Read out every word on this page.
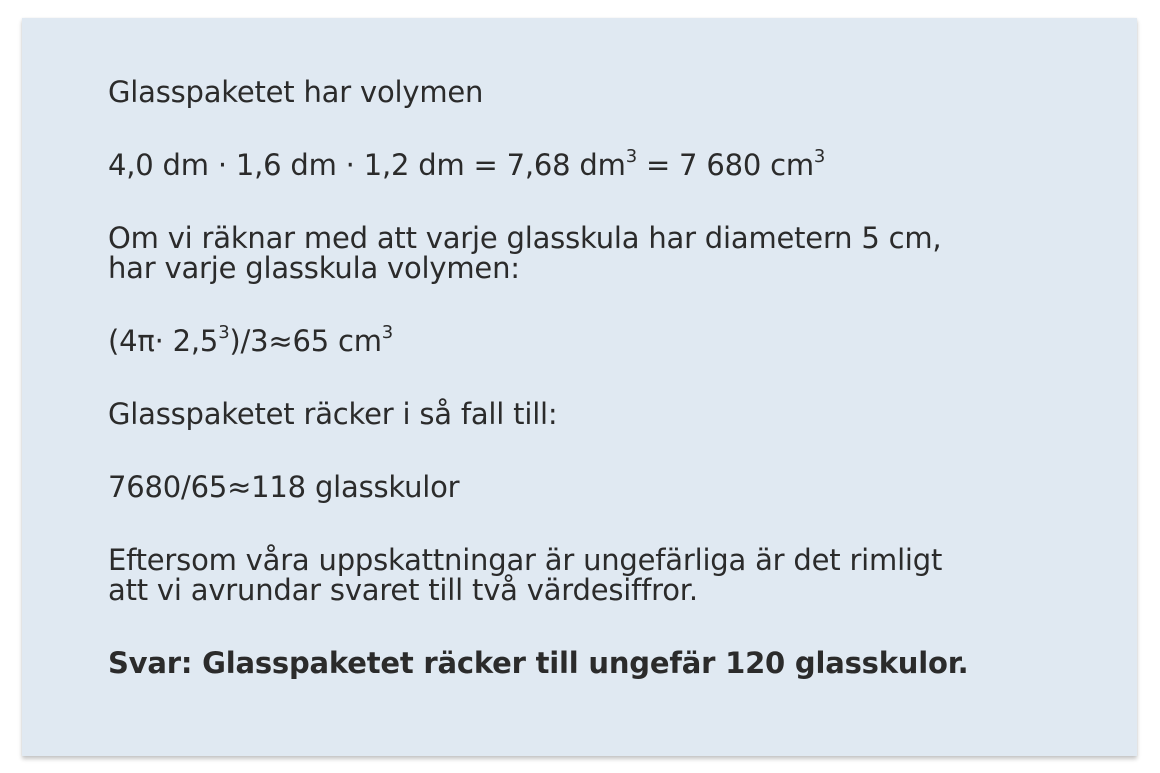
Glasspaketet har volymen

4,0 dm · 1,6 dm · 1,2 dm = 7,68 $dm^3 = 7$ 680 $cm^3$

Om vi räknar med att varje glasskula har diametern 5 cm,

har varje glasskula volymen:

$(4\pi\cdot 2,5^3)/3\approx 65$ $cm^3$

Glasspaketet räcker i så fall till:

7680/65≈118 glasskulor

Eftersom våra uppskattningar är ungefärliga är det rimligt

att vi avrundar svaret till två värdesiffror.

Svar: Glasspaketet räcker till ungefär 120 glasskulor.
